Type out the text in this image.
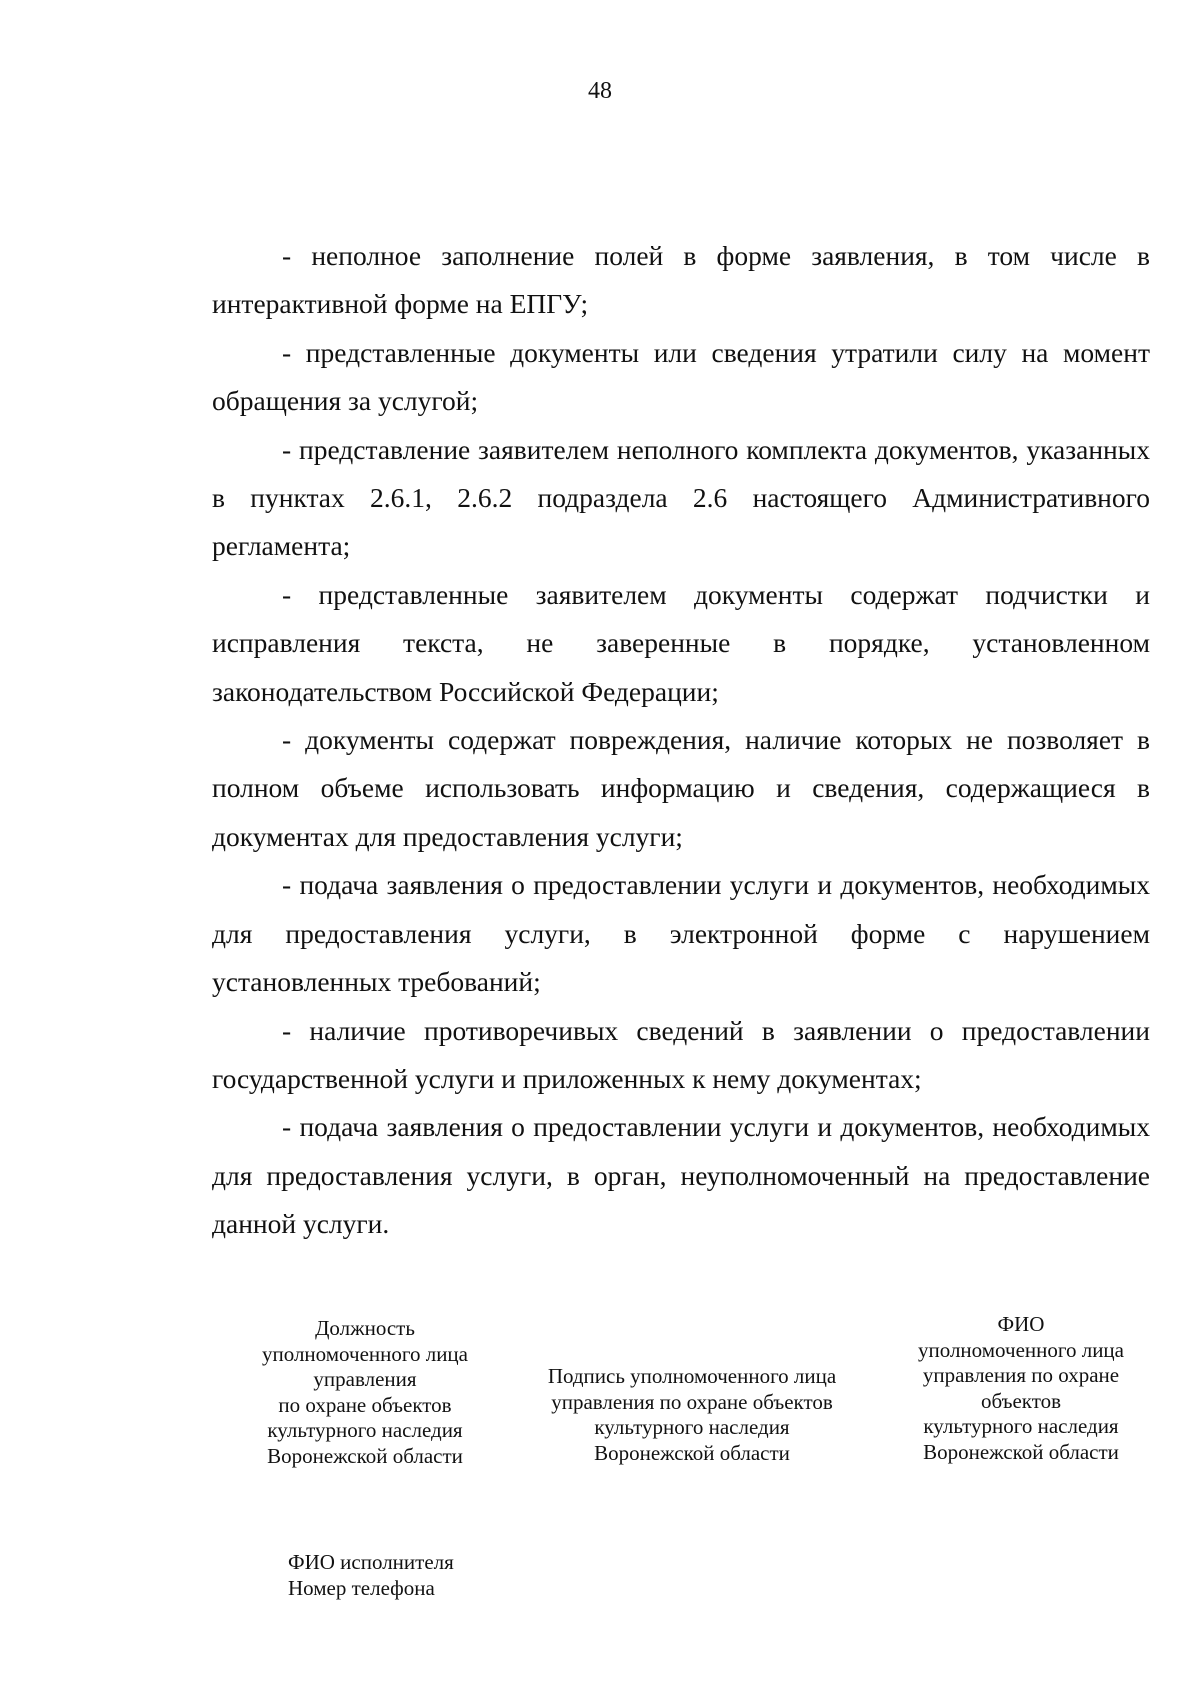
48

- неполное заполнение полей в форме заявления, в том числе в интерактивной форме на ЕПГУ;

- представленные документы или сведения утратили силу на момент обращения за услугой;

- представление заявителем неполного комплекта документов, указанных в пунктах 2.6.1, 2.6.2 подраздела 2.6 настоящего Административного регламента;

- представленные заявителем документы содержат подчистки и исправления текста, не заверенные в порядке, установленном законодательством Российской Федерации;

- документы содержат повреждения, наличие которых не позволяет в полном объеме использовать информацию и сведения, содержащиеся в документах для предоставления услуги;

- подача заявления о предоставлении услуги и документов, необходимых для предоставления услуги, в электронной форме с нарушением установленных требований;

- наличие противоречивых сведений в заявлении о предоставлении государственной услуги и приложенных к нему документах;

- подача заявления о предоставлении услуги и документов, необходимых для предоставления услуги, в орган, неуполномоченный на предоставление данной услуги.

Должность
уполномоченного лица
управления
по охране объектов
культурного наследия
Воронежской области
Подпись уполномоченного лица
управления по охране объектов
культурного наследия
Воронежской области
ФИО
уполномоченного лица
управления по охране
объектов
культурного наследия
Воронежской области
ФИО исполнителя
Номер телефона
